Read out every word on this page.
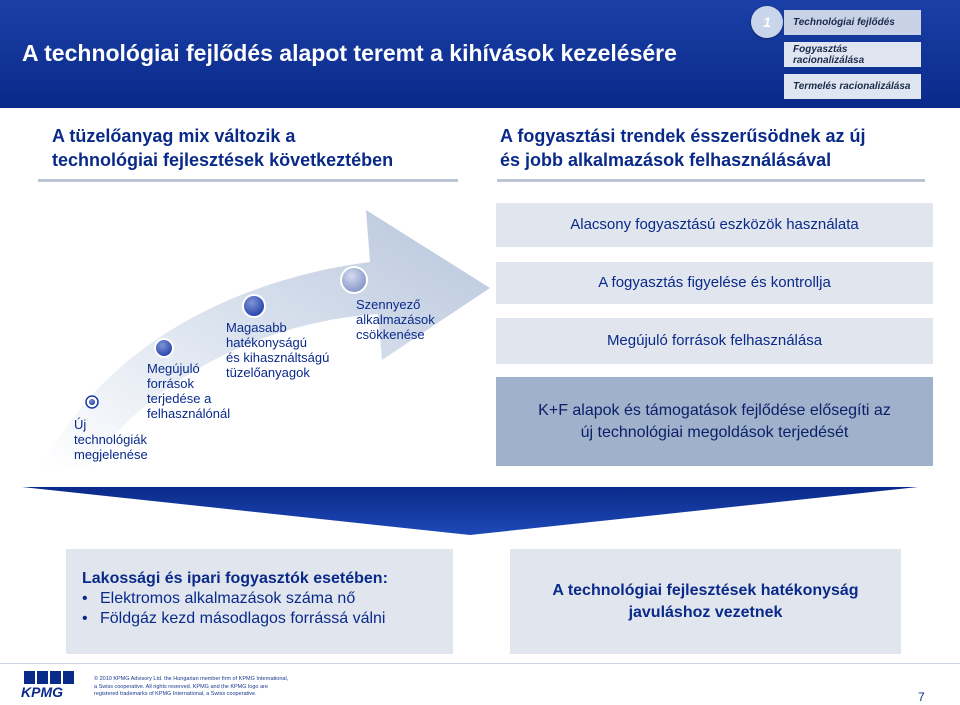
A technológiai fejlődés alapot teremt a kihívások kezelésére
1	Technológiai fejlődés
Fogyasztás racionalizálása
Termelés racionalizálása
A tüzelőanyag mix változik a
technológiai fejlesztések következtében
A fogyasztási trendek ésszerűsödnek az új
és jobb alkalmazások felhasználásával
Új
technológiák
megjelenése
Megújuló
források
terjedése a
felhasználónál
Magasabb
hatékonyságú
és kihasználtságú
tüzelőanyagok
Szennyező
alkalmazások
csökkenése
Alacsony fogyasztású eszközök használata
A fogyasztás figyelése és kontrollja
Megújuló források felhasználása
K+F alapok és támogatások fejlődése elősegíti az
új technológiai megoldások terjedését
Lakossági és ipari fogyasztók esetében:
• Elektromos alkalmazások száma nő
• Földgáz kezd másodlagos forrássá válni
A technológiai fejlesztések hatékonyság
javuláshoz vezetnek
KPMG
© 2010 KPMG Advisory Ltd. the Hungarian member firm of KPMG International,
a Swiss cooperative. All rights reserved. KPMG and the KPMG logo are
registered trademarks of KPMG International, a Swiss cooperative.	7
